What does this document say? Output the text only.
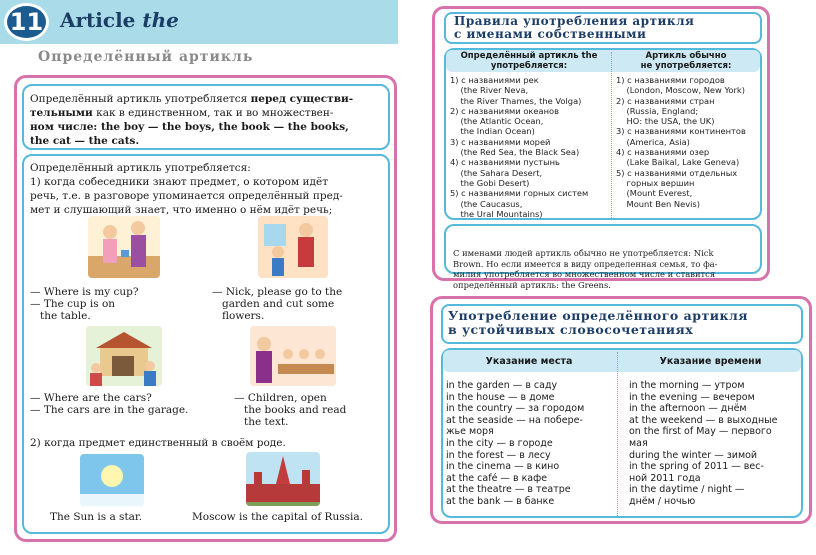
11 Article the
Определённый артикль
Определённый артикль употребляется перед существи-
тельными как в единственном, так и во множествен-
ном числе: the boy — the boys, the book — the books,
the cat — the cats.
Определённый артикль употребляется:
1) когда собеседники знают предмет, о котором идёт
речь, т.е. в разговоре упоминается определённый пред-
мет и слушающий знает, что именно о нём идёт речь;
— Where is my cup?
— The cup is on
the table.
— Nick, please go to the
garden and cut some
flowers.
— Where are the cars?
— The cars are in the garage.
— Children, open
the books and read
the text.
2) когда предмет единственный в своём роде.
The Sun is a star.	Moscow is the capital of Russia.
Правила употребления артикля
с именами собственными
Определённый артикль the
употребляется:
Артикль обычно
не употребляется:
1) с названиями рек
(the River Neva,
the River Thames, the Volga)
2) с названиями океанов
(the Atlantic Ocean,
the Indian Ocean)
3) с названиями морей
(the Red Sea, the Black Sea)
4) с названиями пустынь
(the Sahara Desert,
the Gobi Desert)
5) с названиями горных систем
(the Caucasus,
the Ural Mountains)
1) с названиями городов
(London, Moscow, New York)
2) с названиями стран
(Russia, England;
НО: the USA, the UK)
3) с названиями континентов
(America, Asia)
4) с названиями озер
(Lake Baikal, Lake Geneva)
5) с названиями отдельных
горных вершин
(Mount Everest,
Mount Ben Nevis)

С именами людей артикль обычно не употребляется: Nick
Brown. Но если имеется в виду определенная семья, то фа-
милия употребляется во множественном числе и ставится
определённый артикль: the Greens.

Употребление определённого артикля
в устойчивых словосочетаниях
Указание места	Указание времени
in the garden — в саду
in the house — в доме
in the country — за городом
at the seaside — на побере-
жье моря
in the city — в городе
in the forest — в лесу
in the cinema — в кино
at the café — в кафе
at the theatre — в театре
at the bank — в банке
in the morning — утром
in the evening — вечером
in the afternoon — днём
at the weekend — в выходные
on the first of May — первого
мая
during the winter — зимой
in the spring of 2011 — вес-
ной 2011 года
in the daytime / night —
днём / ночью
